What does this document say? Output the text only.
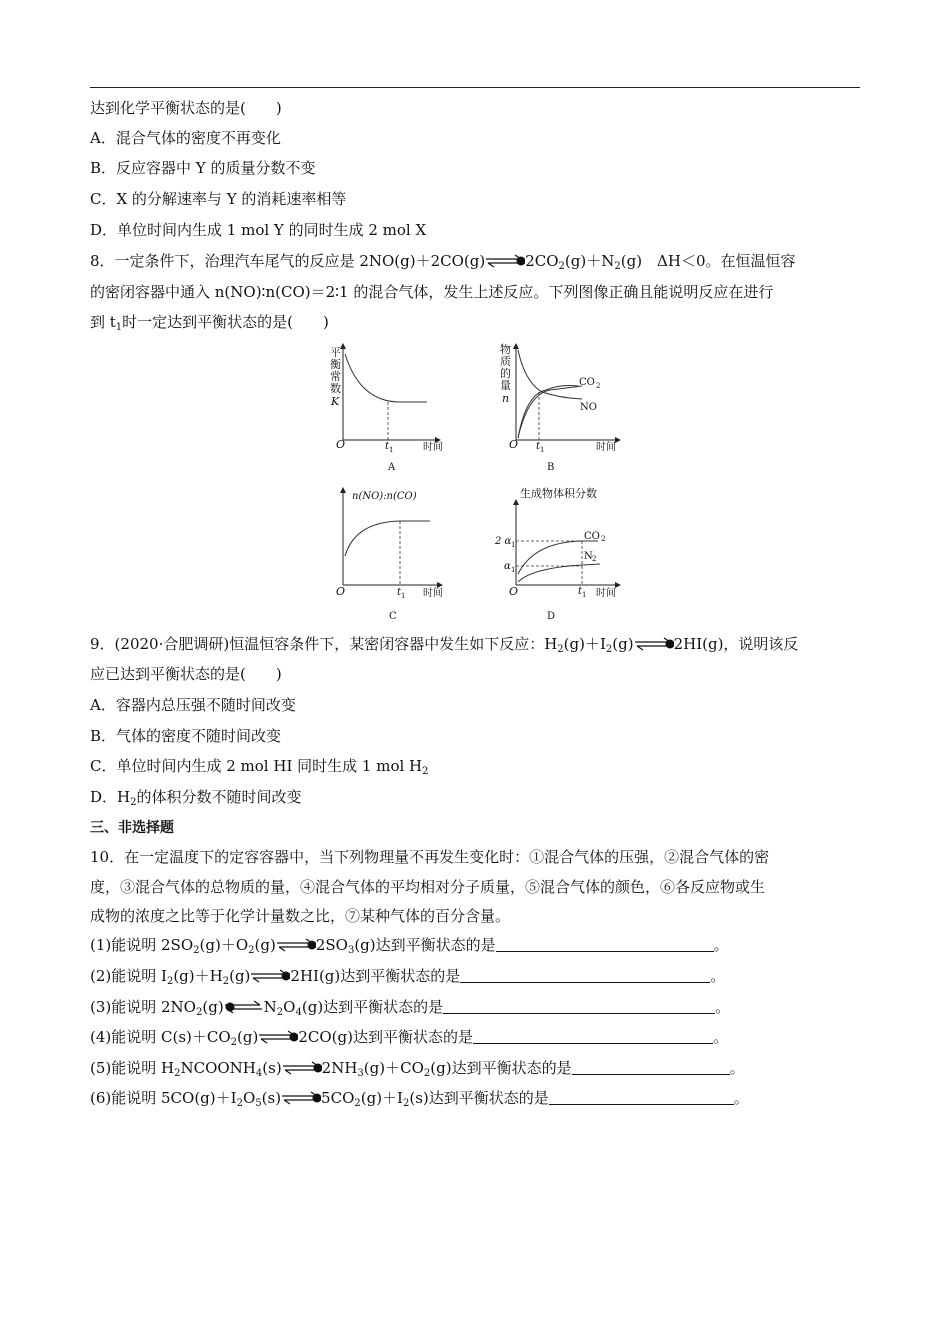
达到化学平衡状态的是(　　)
A．混合气体的密度不再变化
B．反应容器中 Y 的质量分数不变
C．X 的分解速率与 Y 的消耗速率相等
D．单位时间内生成 1 mol Y 的同时生成 2 mol X
8．一定条件下，治理汽车尾气的反应是 $2NO(g)+2CO(g)\rightleftharpoons 2CO_2(g)+N_2(g)$　ΔH＜0。在恒温恒容
的密闭容器中通入 n(NO)∶n(CO)＝2∶1 的混合气体，发生上述反应。下列图像正确且能说明反应在进行
到 $t_1$时一定达到平衡状态的是(　　)
平
衡
常
数
K
O	t 1	时间
A
物
质
的
量
n
CO 2
NO
O t 1	时间
B
n(NO):n(CO)
O	t 1 时间
C
生成物体积分数
2 α 1
α 1
CO 2
N 2
O	t 1 时间
D
9．(2020·合肥调研)恒温恒容条件下，某密闭容器中发生如下反应：$H_2(g)+I_2(g)\rightleftharpoons 2HI(g)$，说明该反
应已达到平衡状态的是(　　)
A．容器内总压强不随时间改变
B．气体的密度不随时间改变
C．单位时间内生成 2 mol HI 同时生成 1 mol $H_2$
D．$H_2$的体积分数不随时间改变
三、非选择题
10．在一定温度下的定容容器中，当下列物理量不再发生变化时：①混合气体的压强，②混合气体的密
度，③混合气体的总物质的量，④混合气体的平均相对分子质量，⑤混合气体的颜色，⑥各反应物或生
成物的浓度之比等于化学计量数之比，⑦某种气体的百分含量。
(1)能说明 $2SO_2(g)+O_2(g)\rightleftharpoons 2SO_3(g)$达到平衡状态的是	。
(2)能说明 $I_2(g)+H_2(g)\rightleftharpoons 2HI(g)$达到平衡状态的是	。
(3)能说明 $2NO_2(g)\rightleftharpoons N_2O_4(g)$达到平衡状态的是	。
(4)能说明 $C(s)+CO_2(g)\rightleftharpoons 2CO(g)$达到平衡状态的是	。
(5)能说明 $H_2NCOONH_4(s)\rightleftharpoons 2NH_3(g)+CO_2(g)$达到平衡状态的是	。
(6)能说明 $5CO(g)+I_2O_5(s)\rightleftharpoons 5CO_2(g)+I_2(s)$达到平衡状态的是	。
